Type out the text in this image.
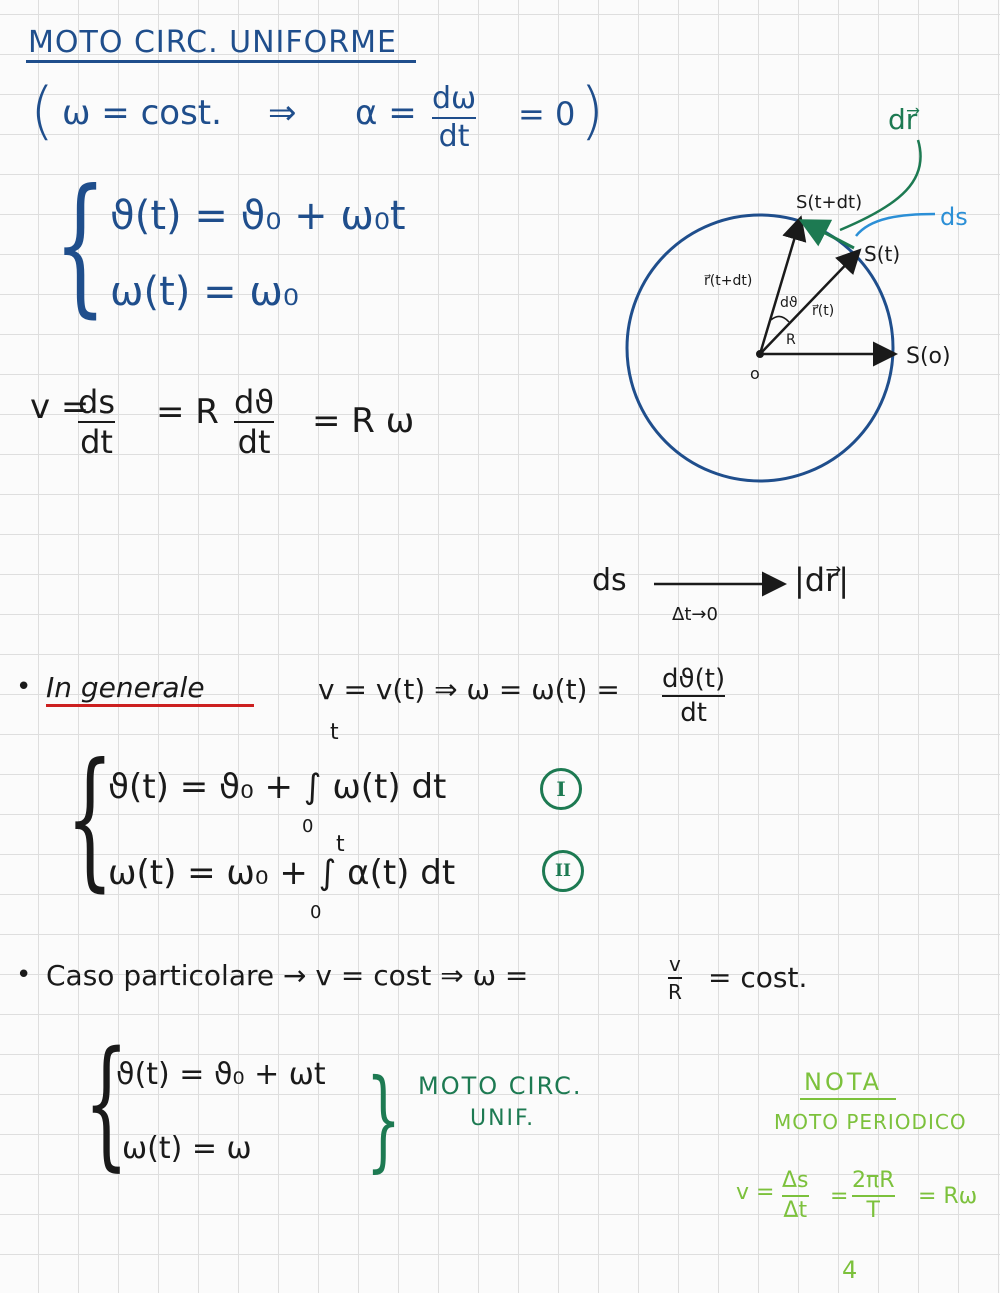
MOTO CIRC. UNIFORME
( ω = cost. ⇒ α = dω
dt
= 0 )
{ ϑ(t) = ϑ₀ + ω₀t
ω(t) = ω₀
v =
ds
dt
= R dϑ
dt
= R ω
dr⃗
ds
S(t+dt)
S(t)
S(o)
r⃗(t+dt)
r⃗(t)
dϑ
R
o
ds
Δt→0
|dr⃗|
• In generale	v = v(t) ⇒ ω = ω(t) = dϑ(t)
dt
{	t
ϑ(t) = ϑ₀ + ∫ ω(t) dt
0
t
ω(t) = ω₀ + ∫ α(t) dt
0
I
II
• Caso particolare → v = cost ⇒ ω =	v
R = cost.
{
ϑ(t) = ϑ₀ + ωt
ω(t) = ω } MOTO CIRC.
UNIF.
NOTA
MOTO PERIODICO
v = Δs
Δt
=
2πR
T
= Rω
4
